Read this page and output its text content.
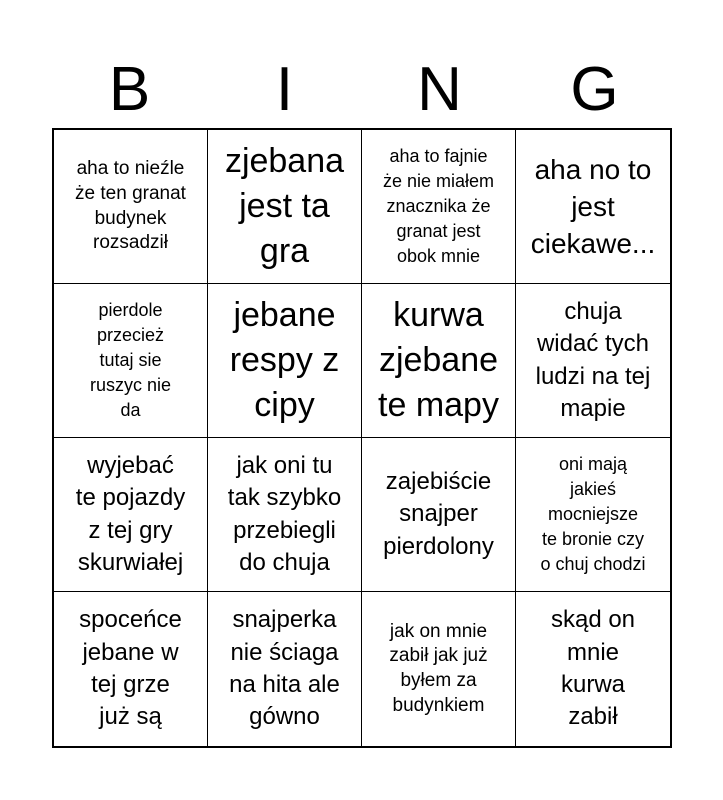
B	I	N	G
aha to nieźle
że ten granat
budynek
rozsadził
zjebana
jest ta
gra
aha to fajnie
że nie miałem
znacznika że
granat jest
obok mnie
aha no to
jest
ciekawe...
pierdole
przecież
tutaj sie
ruszyc nie
da
jebane
respy z
cipy
kurwa
zjebane
te mapy
chuja
widać tych
ludzi na tej
mapie
wyjebać
te pojazdy
z tej gry
skurwiałej
jak oni tu
tak szybko
przebiegli
do chuja
zajebiście
snajper
pierdolony
oni mają
jakieś
mocniejsze
te bronie czy
o chuj chodzi
spoceńce
jebane w
tej grze
już są
snajperka
nie ściaga
na hita ale
gówno
jak on mnie
zabił jak już
byłem za
budynkiem
skąd on
mnie
kurwa
zabił
